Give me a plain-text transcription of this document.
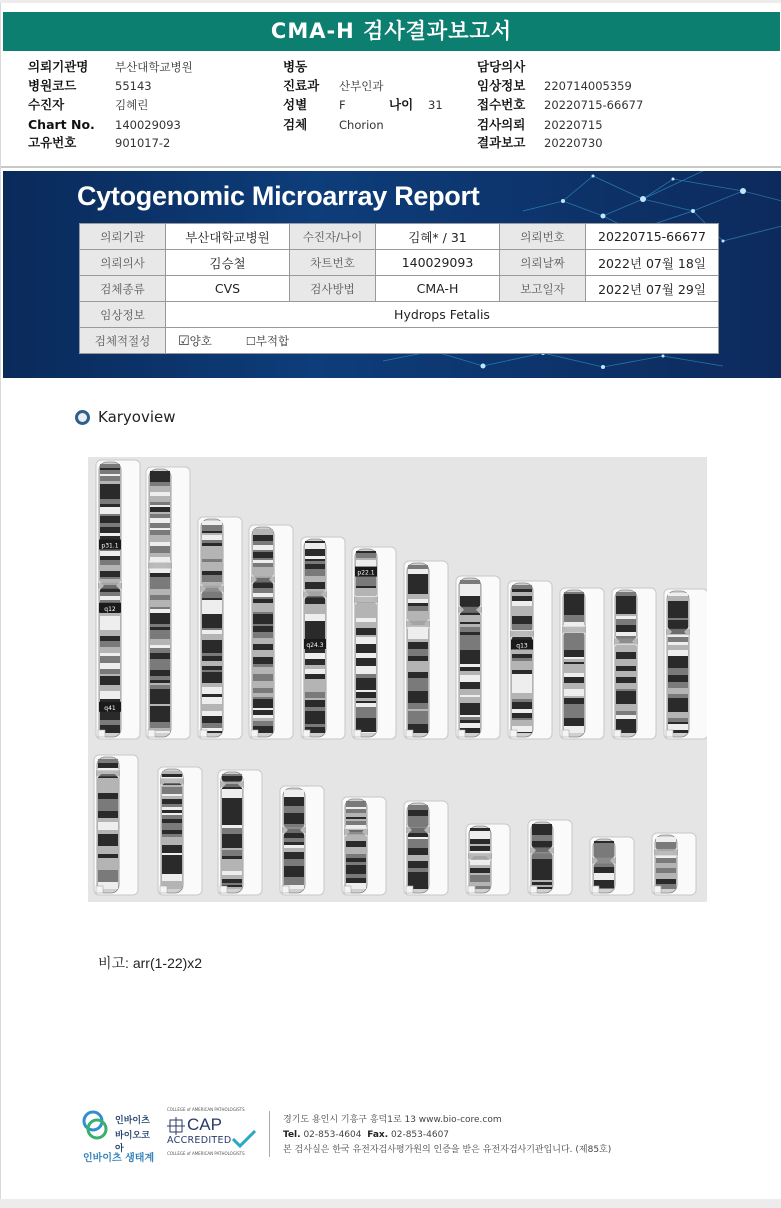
CMA-H 검사결과보고서
의뢰기관명 부산대학교병원
병원코드	55143
수진자	김혜린
Chart No. 140029093
고유번호	901017-2
병동
진료과 산부인과
성별	F	나이 31
검체	Chorion
담당의사
임상정보 220714005359
접수번호 20220715-66677
검사의뢰 20220715
결과보고 20220730
Cytogenomic Microarray Report
의뢰기관	부산대학교병원	수진자/나이	김혜* / 31	의뢰번호	20220715-66677
의뢰의사	김승철	차트번호	140029093	의뢰날짜	2022년 07월 18일
검체종류	CVS	검사방법	CMA-H	보고일자	2022년 07월 29일
임상정보	Hydrops Fetalis				
검체적절성	☑양호 ☐부적합				
Karyoview
p31.1
q12
q41
q24.3
p22.1
q13
비고: arr(1-22)x2
인바이츠
바이오코아
인바이츠 생태계
COLLEGE of AMERICAN PATHOLOGISTS
CAP
ACCREDITED
COLLEGE of AMERICAN PATHOLOGISTS
경기도 용인시 기흥구 흥덕1로 13 www.bio-core.com
Tel. 02-853-4604 Fax. 02-853-4607
본 검사실은 한국 유전자검사평가원의 인증을 받은 유전자검사기관입니다. (제85호)
